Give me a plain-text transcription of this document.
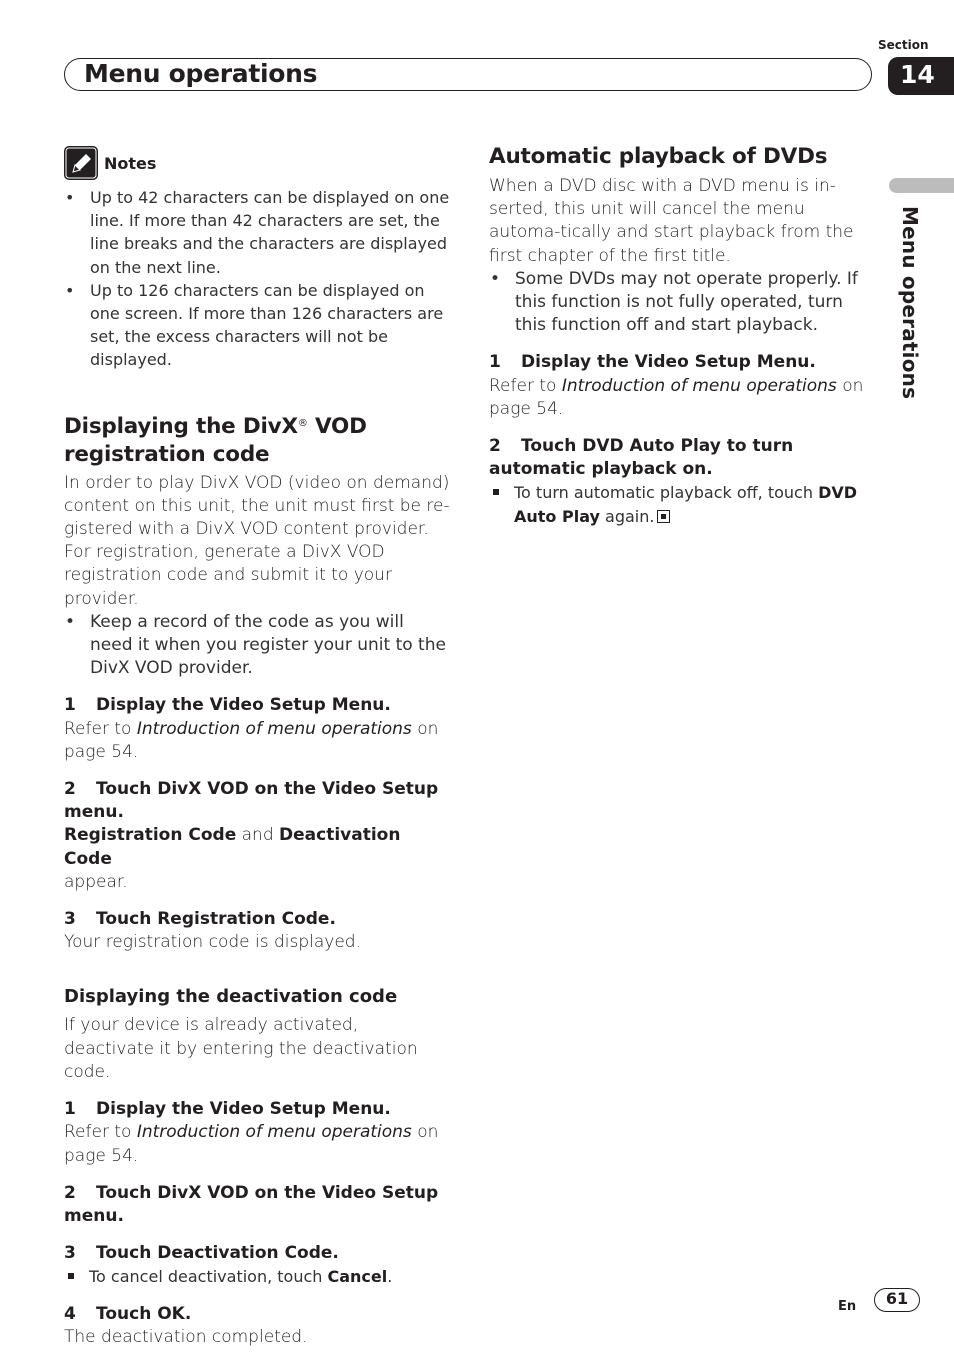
Section
Menu operations	14
Menu operations
Notes
• Up to 42 characters can be displayed on one line. If more than 42 characters are set, the line breaks and the characters are displayed on the next line.
• Up to 126 characters can be displayed on one screen. If more than 126 characters are set, the excess characters will not be displayed.
Displaying the DivX® VOD registration code

In order to play DivX VOD (video on demand) content on this unit, the unit must first be re-gistered with a DivX VOD content provider. For registration, generate a DivX VOD registration code and submit it to your provider.

• Keep a record of the code as you will need it when you register your unit to the DivX VOD provider.

1 Display the Video Setup Menu.

Refer to Introduction of menu operations on page 54.

2 Touch DivX VOD on the Video Setup menu.

Registration Code and Deactivation Code
appear.

3 Touch Registration Code.

Your registration code is displayed.

Displaying the deactivation code

If your device is already activated, deactivate it by entering the deactivation code.

1 Display the Video Setup Menu.

Refer to Introduction of menu operations on page 54.

2 Touch DivX VOD on the Video Setup menu.

3 Touch Deactivation Code.

To cancel deactivation, touch Cancel.

4 Touch OK.

The deactivation completed.

Automatic playback of DVDs

When a DVD disc with a DVD menu is in-serted, this unit will cancel the menu automa-tically and start playback from the first chapter of the first title.

• Some DVDs may not operate properly. If this function is not fully operated, turn this function off and start playback.

1 Display the Video Setup Menu.

Refer to Introduction of menu operations on page 54.

2 Touch DVD Auto Play to turn automatic playback on.

To turn automatic playback off, touch DVD Auto Play again.

En	61
